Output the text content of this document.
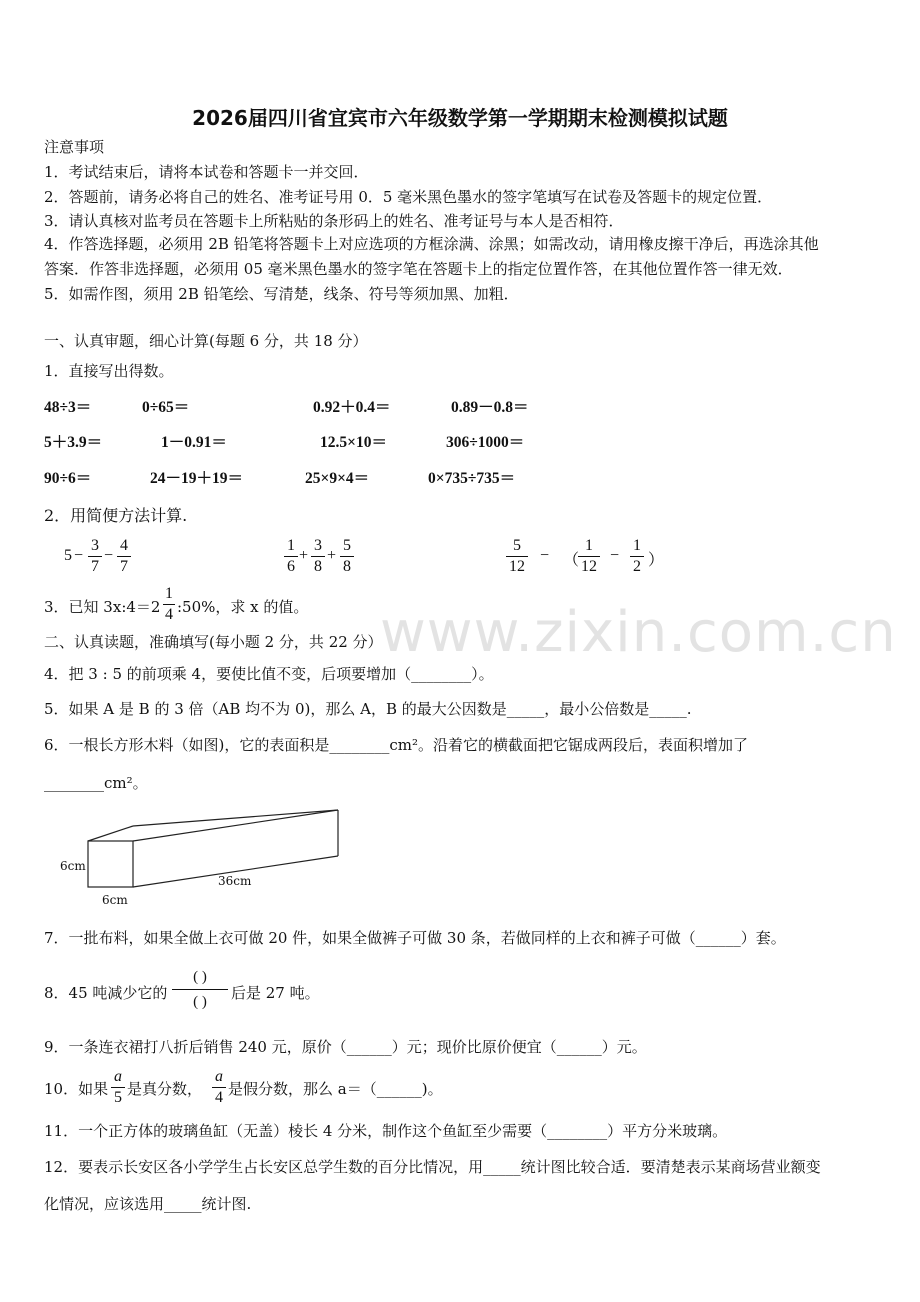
www.zixin.com.cn
2026届四川省宜宾市六年级数学第一学期期末检测模拟试题
注意事项
1．考试结束后，请将本试卷和答题卡一并交回．
2．答题前，请务必将自己的姓名、准考证号用 0．5 毫米黑色墨水的签字笔填写在试卷及答题卡的规定位置．
3．请认真核对监考员在答题卡上所粘贴的条形码上的姓名、准考证号与本人是否相符．
4．作答选择题，必须用 2B 铅笔将答题卡上对应选项的方框涂满、涂黑；如需改动，请用橡皮擦干净后，再选涂其他
答案．作答非选择题，必须用 05 毫米黑色墨水的签字笔在答题卡上的指定位置作答，在其他位置作答一律无效．
5．如需作图，须用 2B 铅笔绘、写清楚，线条、符号等须加黑、加粗．
一、认真审题，细心计算(每题 6 分，共 18 分）
1．直接写出得数。
48÷3＝	0÷65＝	0.92＋0.4＝	0.89－0.8＝
5＋3.9＝	1－0.91＝	12.5×10＝	306÷1000＝
90÷6＝	24－19＋19＝	25×9×4＝	0×735÷735＝
2．用简便方法计算.
5 −
3
7
−
4
7
1
6
+
3
8
+
5
8
5
12
− （
1
12
−
1
2 ）
3．已知 3x:4＝2
1
4 :50%，求 x 的值。
二、认真读题，准确填写(每小题 2 分，共 22 分）
4．把 3 : 5 的前项乘 4，要使比值不变，后项要增加（________）。
5．如果 A 是 B 的 3 倍（AB 均不为 0)，那么 A，B 的最大公因数是_____，最小公倍数是_____.
6．一根长方形木料（如图)，它的表面积是________cm²。沿着它的横截面把它锯成两段后，表面积增加了
________cm²。
6cm
6cm
36cm
7．一批布料，如果全做上衣可做 20 件，如果全做裤子可做 30 条，若做同样的上衣和裤子可做（______）套。
8．45 吨减少它的
( )
( )	后是 27 吨。
9．一条连衣裙打八折后销售 240 元，原价（______）元；现价比原价便宜（______）元。
10．如果
a
5 是真分数，
a
4 是假分数，那么 a＝（______)。
11．一个正方体的玻璃鱼缸（无盖）棱长 4 分米，制作这个鱼缸至少需要（________）平方分米玻璃。
12．要表示长安区各小学学生占长安区总学生数的百分比情况，用_____统计图比较合适．要清楚表示某商场营业额变
化情况，应该选用_____统计图.
